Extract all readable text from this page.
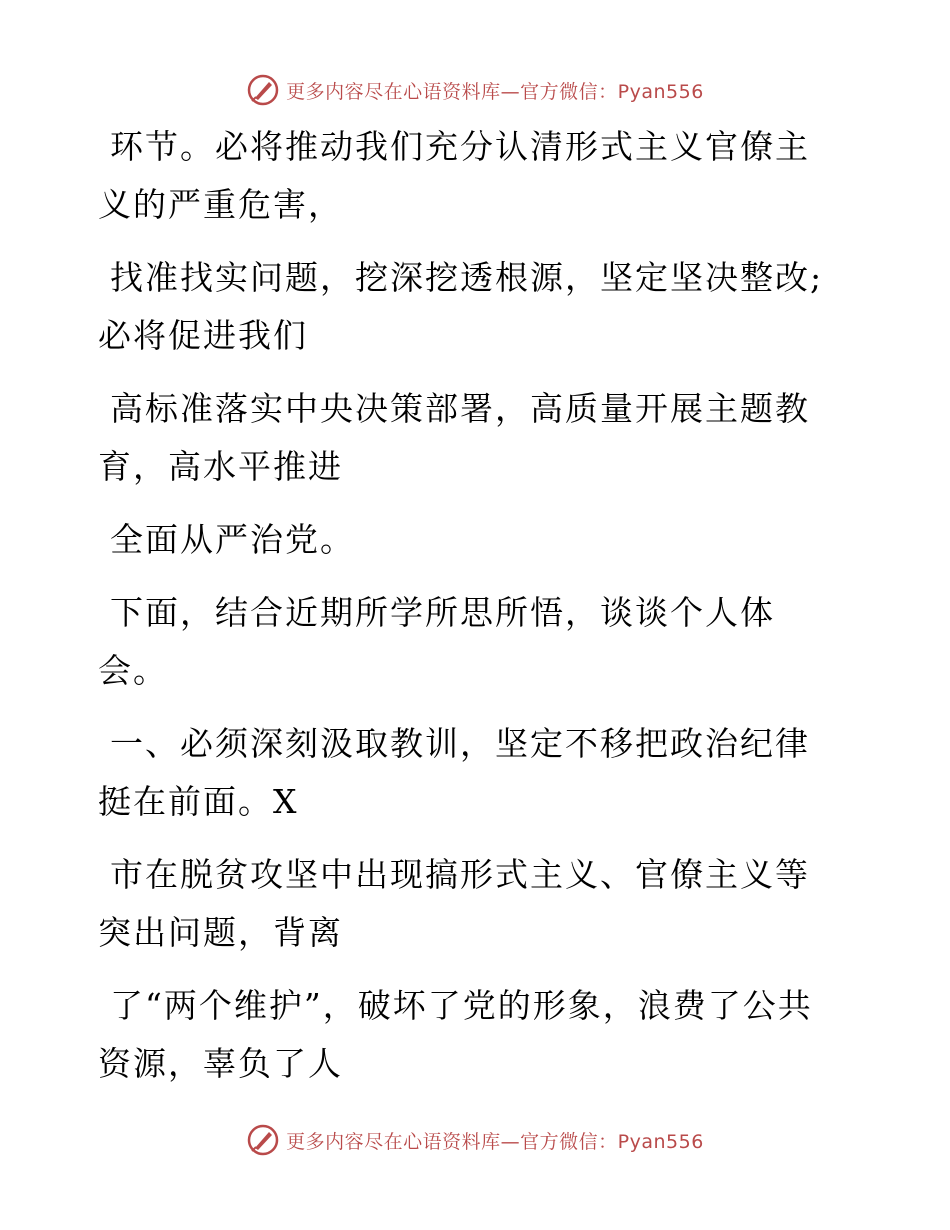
更多内容尽在心语资料库—官方微信：Pyan556

环节。必将推动我们充分认清形式主义官僚主义的严重危害，

找准找实问题，挖深挖透根源，坚定坚决整改;必将促进我们

高标准落实中央决策部署，高质量开展主题教育，高水平推进

全面从严治党。

下面，结合近期所学所思所悟，谈谈个人体会。

一、必须深刻汲取教训，坚定不移把政治纪律挺在前面。X

市在脱贫攻坚中出现搞形式主义、官僚主义等突出问题，背离

了“两个维护”，破坏了党的形象，浪费了公共资源，辜负了人

更多内容尽在心语资料库—官方微信：Pyan556
